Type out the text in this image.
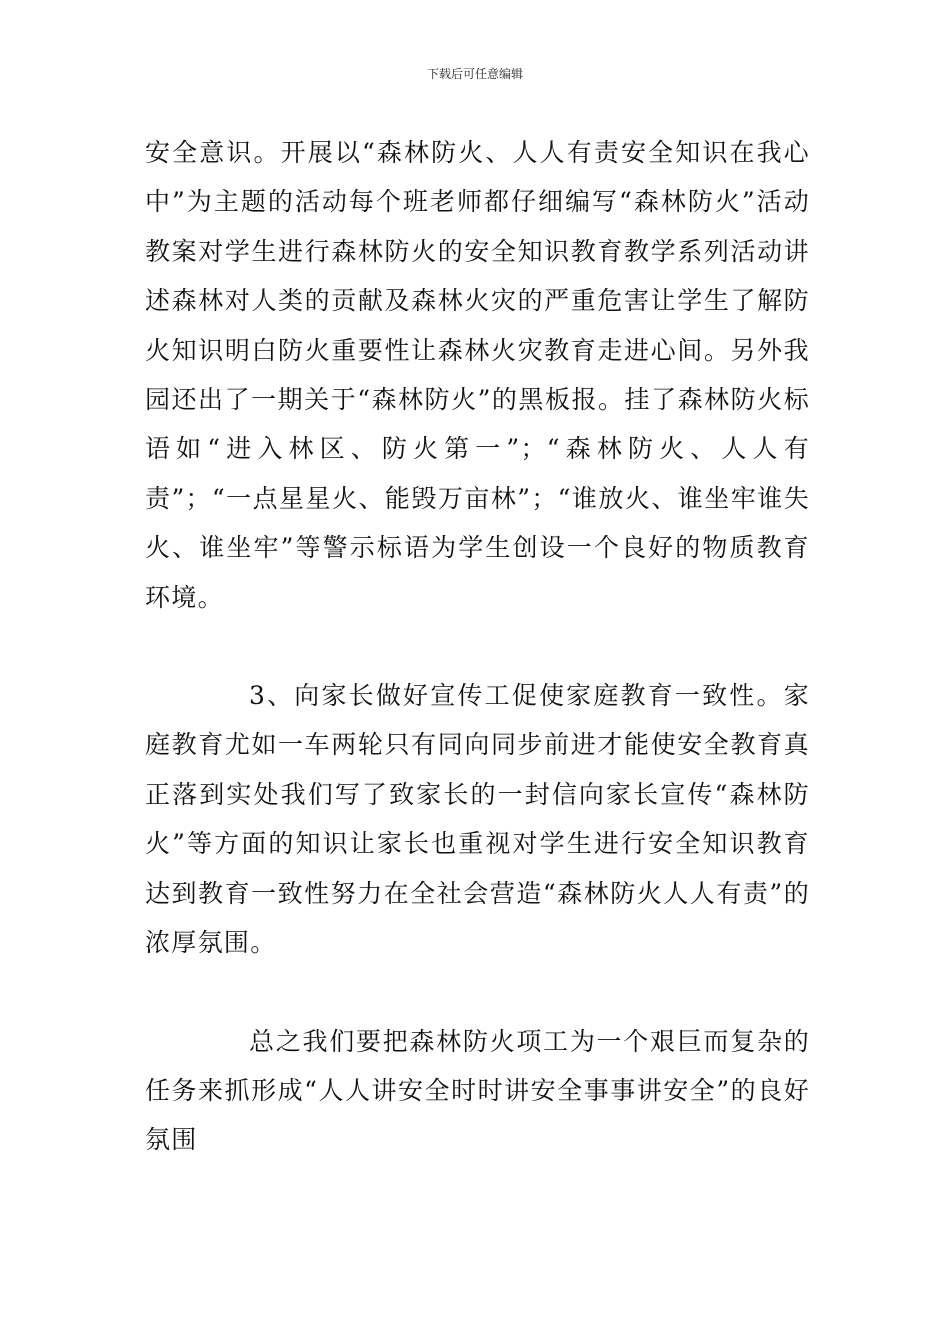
下载后可任意编辑

安全意识。开展以“森林防火、人人有责安全知识在我心中”为主题的活动每个班老师都仔细编写“森林防火”活动教案对学生进行森林防火的安全知识教育教学系列活动讲述森林对人类的贡献及森林火灾的严重危害让学生了解防火知识明白防火重要性让森林火灾教育走进心间。另外我园还出了一期关于“森林防火”的黑板报。挂了森林防火标语如“进入林区、防火第一”；“森林防火、人人有责”；“一点星星火、能毁万亩林”；“谁放火、谁坐牢谁失火、谁坐牢”等警示标语为学生创设一个良好的物质教育环境。

3、向家长做好宣传工促使家庭教育一致性。家庭教育尤如一车两轮只有同向同步前进才能使安全教育真正落到实处我们写了致家长的一封信向家长宣传“森林防火”等方面的知识让家长也重视对学生进行安全知识教育达到教育一致性努力在全社会营造“森林防火人人有责”的浓厚氛围。

总之我们要把森林防火项工为一个艰巨而复杂的任务来抓形成“人人讲安全时时讲安全事事讲安全”的良好氛围
